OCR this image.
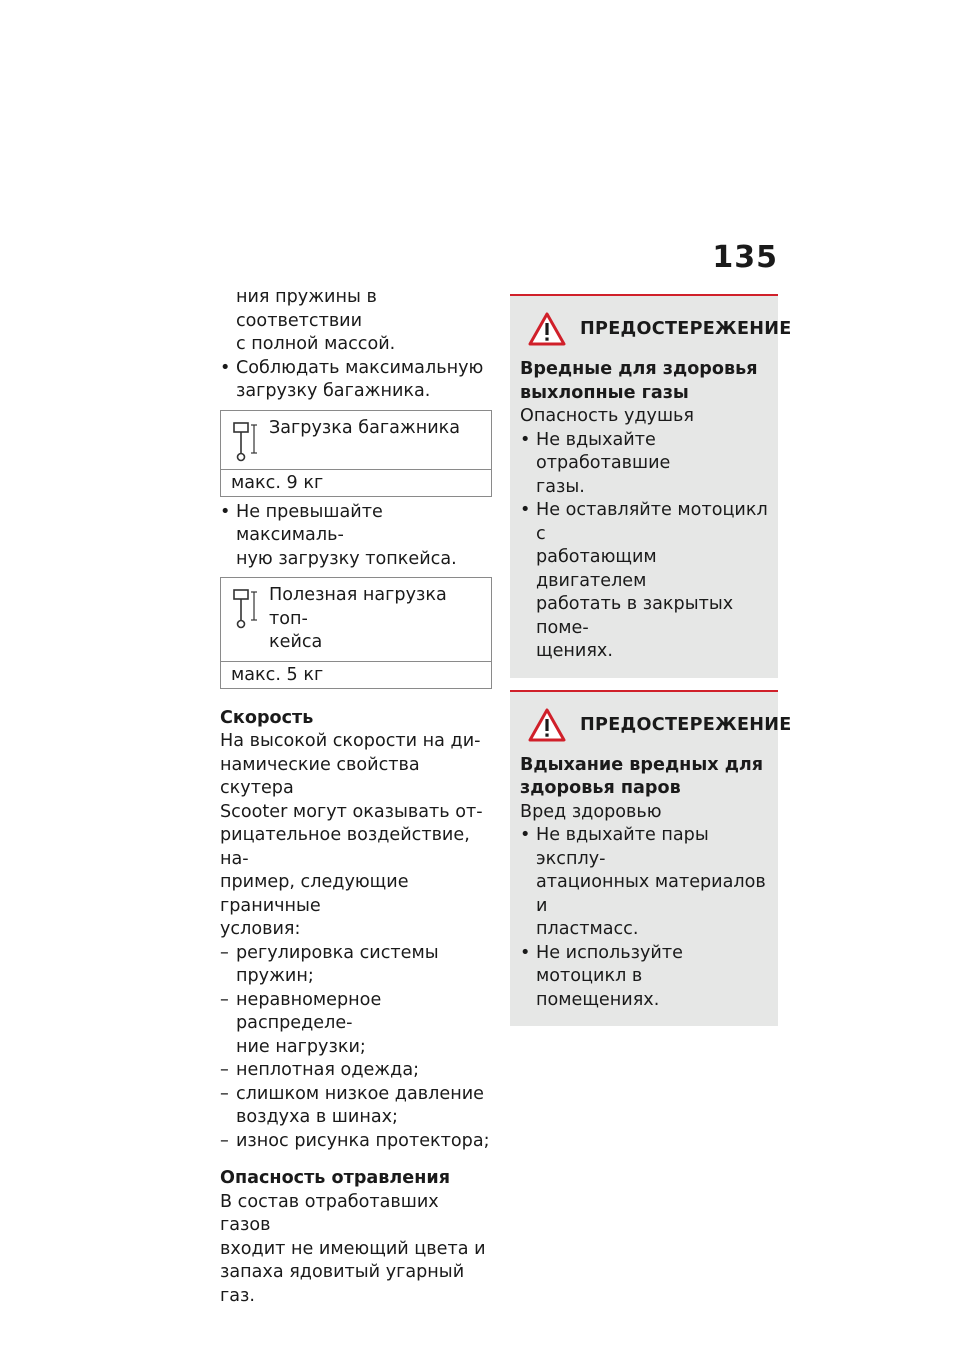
135
ния пружины в соответствии
с полной массой.
• Соблюдать максимальную
загрузку багажника.
Загрузка багажника
макс. 9 кг
• Не превышайте максималь-
ную загрузку топкейса.
Полезная нагрузка топ-
кейса
макс. 5 кг
Скорость
На высокой скорости на ди-
намические свойства скутера
Scooter могут оказывать от-
рицательное воздействие, на-
пример, следующие граничные
условия:
– регулировка системы пружин;
– неравномерное распределе-
ние нагрузки;
– неплотная одежда;
– слишком низкое давление
воздуха в шинах;
– износ рисунка протектора;
Опасность отравления
В состав отработавших газов
входит не имеющий цвета и
запаха ядовитый угарный газ.
ПРЕДОСТЕРЕЖЕНИЕ
Вредные для здоровья
выхлопные газы
Опасность удушья
• Не вдыхайте отработавшие
газы.
• Не оставляйте мотоцикл с
работающим двигателем
работать в закрытых поме-
щениях.
ПРЕДОСТЕРЕЖЕНИЕ
Вдыхание вредных для
здоровья паров
Вред здоровью
• Не вдыхайте пары эксплу-
атационных материалов и
пластмасс.
• Не используйте мотоцикл в
помещениях.
